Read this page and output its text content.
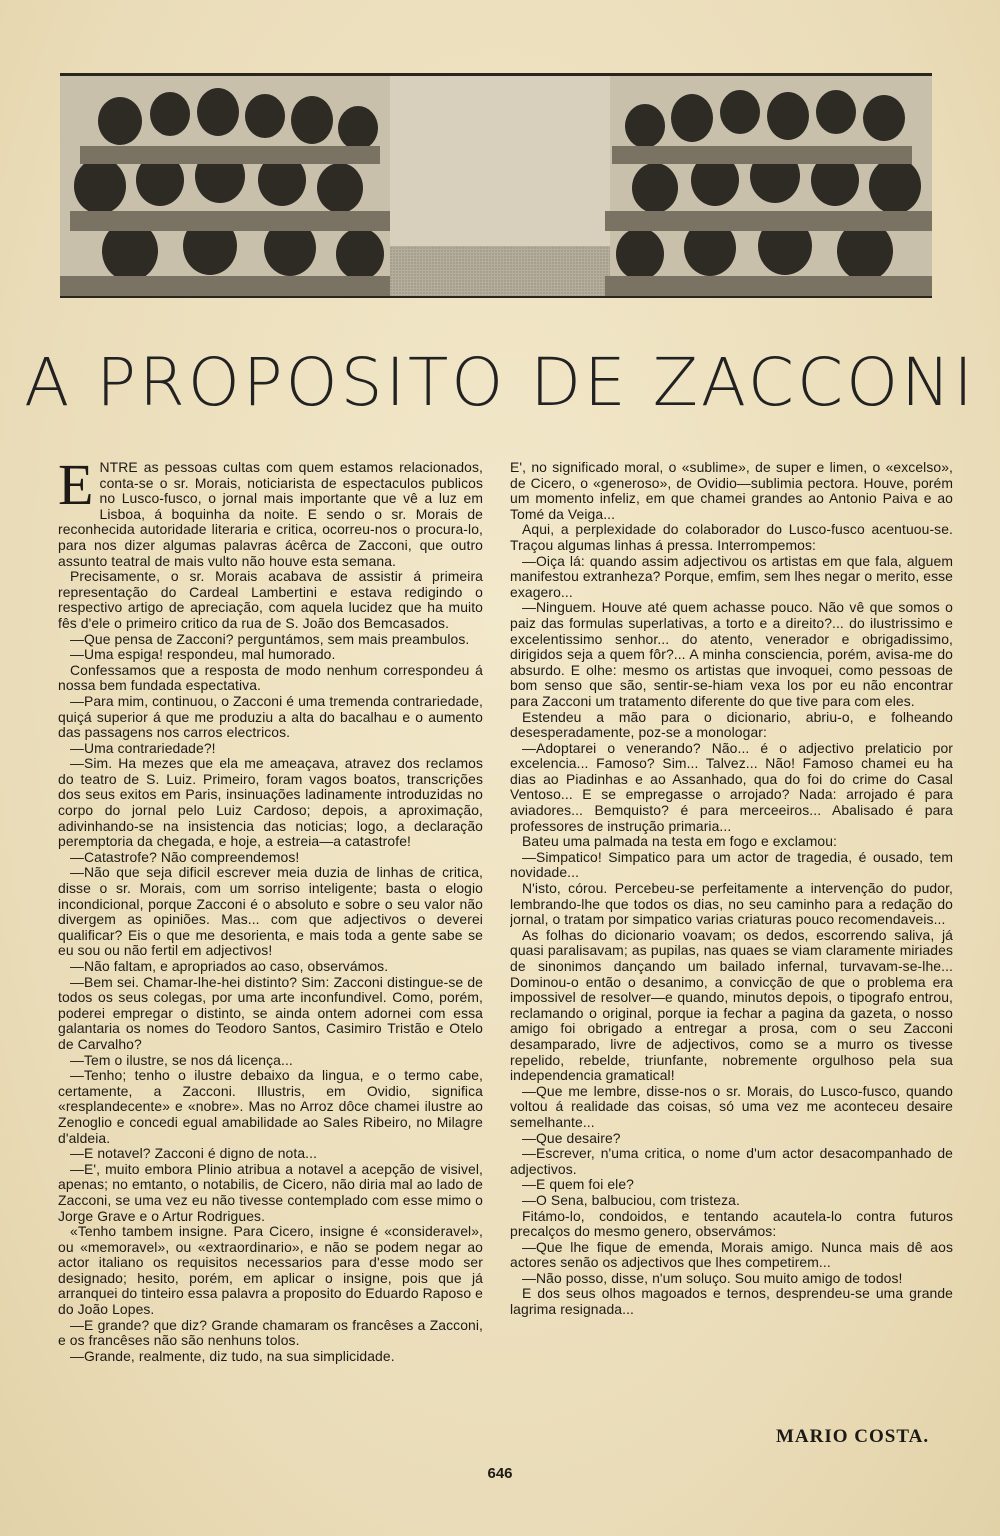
A PROPOSITO DE ZACCONI
E NTRE as pessoas cultas com quem estamos relacionados, conta-se o sr. Morais, noticiarista de espectaculos publicos no Lusco-fusco, o jornal mais importante que vê a luz em Lisboa, á boquinha da noite. E sendo o sr. Morais de reconhecida autoridade literaria e critica, ocorreu-nos o procura-lo, para nos dizer algumas palavras ácêrca de Zacconi, que outro assunto teatral de mais vulto não houve esta semana.

Precisamente, o sr. Morais acabava de assistir á primeira representação do Cardeal Lambertini e estava redigindo o respectivo artigo de apreciação, com aquela lucidez que ha muito fês d'ele o primeiro critico da rua de S. João dos Bemcasados.

—Que pensa de Zacconi? perguntámos, sem mais preambulos.

—Uma espiga! respondeu, mal humorado.

Confessamos que a resposta de modo nenhum correspondeu á nossa bem fundada espectativa.

—Para mim, continuou, o Zacconi é uma tremenda contrariedade, quiçá superior á que me produziu a alta do bacalhau e o aumento das passagens nos carros electricos.

—Uma contrariedade?!

—Sim. Ha mezes que ela me ameaçava, atravez dos reclamos do teatro de S. Luiz. Primeiro, foram vagos boatos, transcrições dos seus exitos em Paris, insinuações ladinamente introduzidas no corpo do jornal pelo Luiz Cardoso; depois, a aproximação, adivinhando-se na insistencia das noticias; logo, a declaração peremptoria da chegada, e hoje, a estreia—a catastrofe!

—Catastrofe? Não compreendemos!

—Não que seja dificil escrever meia duzia de linhas de critica, disse o sr. Morais, com um sorriso inteligente; basta o elogio incondicional, porque Zacconi é o absoluto e sobre o seu valor não divergem as opiniões. Mas... com que adjectivos o deverei qualificar? Eis o que me desorienta, e mais toda a gente sabe se eu sou ou não fertil em adjectivos!

—Não faltam, e apropriados ao caso, observámos.

—Bem sei. Chamar-lhe-hei distinto? Sim: Zacconi distingue-se de todos os seus colegas, por uma arte inconfundivel. Como, porém, poderei empregar o distinto, se ainda ontem adornei com essa galantaria os nomes do Teodoro Santos, Casimiro Tristão e Otelo de Carvalho?

—Tem o ilustre, se nos dá licença...

—Tenho; tenho o ilustre debaixo da lingua, e o termo cabe, certamente, a Zacconi. Illustris, em Ovidio, significa «resplandecente» e «nobre». Mas no Arroz dôce chamei ilustre ao Zenoglio e concedi egual amabilidade ao Sales Ribeiro, no Milagre d'aldeia.

—E notavel? Zacconi é digno de nota...

—E', muito embora Plinio atribua a notavel a acepção de visivel, apenas; no emtanto, o notabilis, de Cicero, não diria mal ao lado de Zacconi, se uma vez eu não tivesse contemplado com esse mimo o Jorge Grave e o Artur Rodrigues.

«Tenho tambem insigne. Para Cicero, insigne é «consideravel», ou «memoravel», ou «extraordinario», e não se podem negar ao actor italiano os requisitos necessarios para d'esse modo ser designado; hesito, porém, em aplicar o insigne, pois que já arranquei do tinteiro essa palavra a proposito do Eduardo Raposo e do João Lopes.

—E grande? que diz? Grande chamaram os francêses a Zacconi, e os francêses não são nenhuns tolos.

—Grande, realmente, diz tudo, na sua simplicidade.

E', no significado moral, o «sublime», de super e limen, o «excelso», de Cicero, o «generoso», de Ovidio—sublimia pectora. Houve, porém um momento infeliz, em que chamei grandes ao Antonio Paiva e ao Tomé da Veiga...

Aqui, a perplexidade do colaborador do Lusco-fusco acentuou-se. Traçou algumas linhas á pressa. Interrompemos:

—Oiça lá: quando assim adjectivou os artistas em que fala, alguem manifestou extranheza? Porque, emfim, sem lhes negar o merito, esse exagero...

—Ninguem. Houve até quem achasse pouco. Não vê que somos o paiz das formulas superlativas, a torto e a direito?... do ilustrissimo e excelentissimo senhor... do atento, venerador e obrigadissimo, dirigidos seja a quem fôr?... A minha consciencia, porém, avisa-me do absurdo. E olhe: mesmo os artistas que invoquei, como pessoas de bom senso que são, sentir-se-hiam vexa los por eu não encontrar para Zacconi um tratamento diferente do que tive para com eles.

Estendeu a mão para o dicionario, abriu-o, e folheando desesperadamente, poz-se a monologar:

—Adoptarei o venerando? Não... é o adjectivo prelaticio por excelencia... Famoso? Sim... Talvez... Não! Famoso chamei eu ha dias ao Piadinhas e ao Assanhado, qua do foi do crime do Casal Ventoso... E se empregasse o arrojado? Nada: arrojado é para aviadores... Bemquisto? é para merceeiros... Abalisado é para professores de instrução primaria...

Bateu uma palmada na testa em fogo e exclamou:

—Simpatico! Simpatico para um actor de tragedia, é ousado, tem novidade...

N'isto, córou. Percebeu-se perfeitamente a intervenção do pudor, lembrando-lhe que todos os dias, no seu caminho para a redação do jornal, o tratam por simpatico varias criaturas pouco recomendaveis...

As folhas do dicionario voavam; os dedos, escorrendo saliva, já quasi paralisavam; as pupilas, nas quaes se viam claramente miriades de sinonimos dançando um bailado infernal, turvavam-se-lhe... Dominou-o então o desanimo, a convicção de que o problema era impossivel de resolver—e quando, minutos depois, o tipografo entrou, reclamando o original, porque ia fechar a pagina da gazeta, o nosso amigo foi obrigado a entregar a prosa, com o seu Zacconi desamparado, livre de adjectivos, como se a murro os tivesse repelido, rebelde, triunfante, nobremente orgulhoso pela sua independencia gramatical!

—Que me lembre, disse-nos o sr. Morais, do Lusco-fusco, quando voltou á realidade das coisas, só uma vez me aconteceu desaire semelhante...

—Que desaire?

—Escrever, n'uma critica, o nome d'um actor desacompanhado de adjectivos.

—E quem foi ele?

—O Sena, balbuciou, com tristeza.

Fitámo-lo, condoidos, e tentando acautela-lo contra futuros precalços do mesmo genero, observámos:

—Que lhe fique de emenda, Morais amigo. Nunca mais dê aos actores senão os adjectivos que lhes competirem...

—Não posso, disse, n'um soluço. Sou muito amigo de todos!

E dos seus olhos magoados e ternos, desprendeu-se uma grande lagrima resignada...

MARIO COSTA.
646
